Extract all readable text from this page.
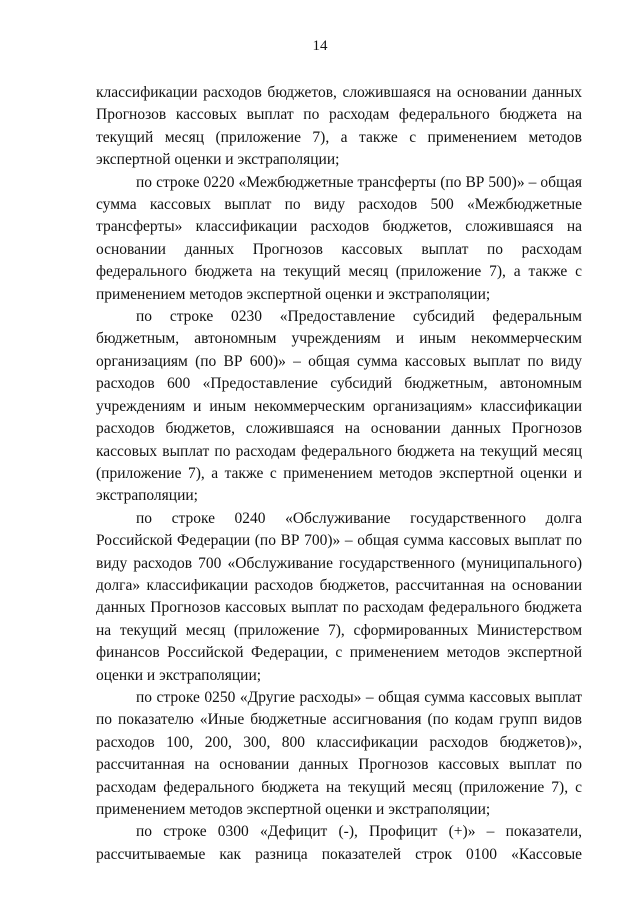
14

классификации расходов бюджетов, сложившаяся на основании данных Прогнозов кассовых выплат по расходам федерального бюджета на текущий месяц (приложение 7), а также с применением методов экспертной оценки и экстраполяции;

по строке 0220 «Межбюджетные трансферты (по ВР 500)» – общая сумма кассовых выплат по виду расходов 500 «Межбюджетные трансферты» классификации расходов бюджетов, сложившаяся на основании данных Прогнозов кассовых выплат по расходам федерального бюджета на текущий месяц (приложение 7), а также с применением методов экспертной оценки и экстраполяции;

по строке 0230 «Предоставление субсидий федеральным бюджетным, автономным учреждениям и иным некоммерческим организациям (по ВР 600)» – общая сумма кассовых выплат по виду расходов 600 «Предоставление субсидий бюджетным, автономным учреждениям и иным некоммерческим организациям» классификации расходов бюджетов, сложившаяся на основании данных Прогнозов кассовых выплат по расходам федерального бюджета на текущий месяц (приложение 7), а также с применением методов экспертной оценки и экстраполяции;

по строке 0240 «Обслуживание государственного долга Российской Федерации (по ВР 700)» – общая сумма кассовых выплат по виду расходов 700 «Обслуживание государственного (муниципального) долга» классификации расходов бюджетов, рассчитанная на основании данных Прогнозов кассовых выплат по расходам федерального бюджета на текущий месяц (приложение 7), сформированных Министерством финансов Российской Федерации, с применением методов экспертной оценки и экстраполяции;

по строке 0250 «Другие расходы» – общая сумма кассовых выплат по показателю «Иные бюджетные ассигнования (по кодам групп видов расходов 100, 200, 300, 800 классификации расходов бюджетов)», рассчитанная на основании данных Прогнозов кассовых выплат по расходам федерального бюджета на текущий месяц (приложение 7), с применением методов экспертной оценки и экстраполяции;

по строке 0300 «Дефицит (-), Профицит (+)» – показатели, рассчитываемые как разница показателей строк 0100 «Кассовые
